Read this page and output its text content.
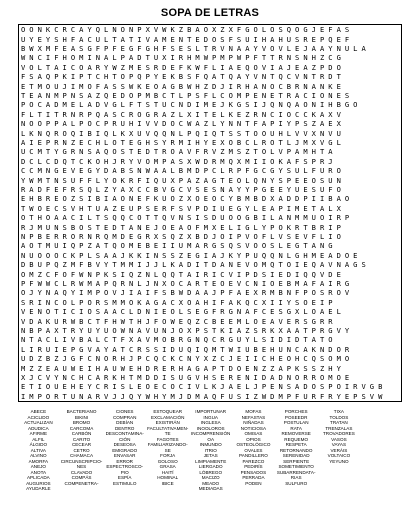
SOPA DE LETRAS
O O N K C R C A Y Q L N O N P X V W K Z B A O X Z X F G O L O S Q O G J E F A S
U Y E Y S H F A C U L T A T I V A M E N T E D O S F S U I H A H U S R E P Q E F
B W X M F E A S G F P F E G F G H F S E S L T R V N A A Y V O V L E J A A Y N U L A
W N C I F H O M I N A L P A D T U X I R H M W P M P W P F T T R N S N H Z C G
V O L T A I C O A R Y W Z M E S R D E F K W F L I A E Q O V I A J E A Z P D O
F S A Q P K I P T C H T O P Q P Y E K B S F Q A T Q A Y V N T Q C V N T R D T
E T M O U J I M O F A S S W K E O A G B W H Z D J I R H A N O C B R N A N K E
T E A N M P N S A Z Q E D O P M B C T L P S F L C O M P E N E T R A C I O N E S
P O C A D M E L A D V G L F T S T U C N D I M E J K G S I J Q N Q A O N I H B G O
F L T I T R N R P Q A S C R O G R A Z L X I T E L K E Z R N C I O C C K A X V
N O O P P A L P O C P R U H I V V D O C W A Z L Y N N T F A P I Y P S Z A E X
L K N Q R O Q I B I Q L K X U V Q Q N L P Q I Q T S S T O O U H L V V X N V U
A I E P R N Z E C H L O T E G H S Y R M I H Y E X O B C L R O T L J M X V G L
U C M T Y G R N S A Q O S T E D T R O A V F R V Z M S Z T O L V P A M H T A
D C L C D Q T C K O H J R Y V O M P A S X W D R M Q X M I I O K A F S P R J
C C M N G E V E G Y D A B S N W A A L B M D P C L R P F G C G Y S U L F U R O
Y W M T N S U F F L Y O K R F I Q U X P A Z A G T E O L Q N Y S P E E O S U N
R A D F E F R S Q L Z Y A X C C B V G C V S E S N A Y Y P G E E Y U E S U F O
E H B R E O Z S I B I A O N E F K U O Z X O E O C Y B M B D X A D D P I I B A O
T W O E C S V H T U A Z E U P S E R F S V P D I U E G Y L E A P I M E T A L X
O T H O A A C I L T S Q Q C O T T Q V N S I S D U O O G B I L A N M M U O I R P
R J M U N S B O S T E D T A N E J O E A O F M X E L I G L Y P O K R T B R I P
N P B E R R O R N R Q M D E G R X S Q Z X B D J O I P V O F L V S E V F L I O
A O T M U I Q P Z A T Q O M E B E I I U M A R G S Q S V O O S L E G T A N G
N U O O O C K P L S A A J K K I N S S Z E G I A J K Y P U Q Q N L G H M E A D O E
D B U P Q Z M F B V Y T M M I J J L K A D I T D A N E V O M Q T O I E Q A V N A G S
O M Z C F O F W N P K S I Q Z N L Q Q T A I R I C V I P D S I E D I Q Q V D E
P F W W C L R W M A P Q R N L J N X O C A R T E O E V C N I O E B M A F A I R G
O J Y N A Q Y I M P O V J I A I F S B W D A A J P F A E X R M B N F P O S R O V
S R I N C O L P O R S M M O K A G A C X O A H I F A K Q C X I I Y S O E I P
V E N O T I C I O S A A C L D N I E O L S E G F R G N A F C E S G X L O A E L
V D A K U R W B C T F H W T H J F O W E Q Z C B E E M L O E A V E R S G R R
N B P A X T R Y U Y U O W N A V U N J O X P S T K I A Z S R K X A A T P R G V Y
N T A C L I V B A L C T F X A V M O B R G N Q C R G U Y L S I D I D T A T O
L I R U I E P G V A Y A T C R S S I D U Q I Q M T W I U B E H U N C A K N D O R
U D Z B Z J G F C N O R H J P C Q C K C N Y X Z C J E I I C H E O H C Q S O M O
M Z Z E A U W E I H A U W E H D R E R H A G A P T D O E N Z Z A P K S S Z H Y
X J C V Y N C H C A R K H T M D D I S U G V H S E R E N I D A D N O R R O M O E
E T I O U E H E Y C R I S L E O E C O C I V L K J A E L J P E N S A D O S P O I R V G B
I M P O R T U N A R V J J Q Y W H Y M J D M A Q F U S I Z W D M P F U R F R Y E P S V W
ABECE
ACICLIDO
ACTUALIZAN
ADUDICA
AFIRME
ALFIL
ÁLGIDO
ALTIVA
ALVINO
AMORFA
ANEJO
ANOTA
APLICADA
AUGURIOS
AYUDARLE
BACTERIANO
BIKINI
BROMO
CARCOMA
CARBÓN
CARITO
CECEAR
CETRO
CHAMACA
CIRCUNSCRIPCIO-
NES
CLAVADO
COMPÁS
COMPENETRA-
CIONES
COMPRAN
DEBÍAN
DENTRO
DESCONTAMINA-
CIÓN
DESEOSA
EMIGRADO
ENVASAR
ERROR
ESPECTROSCO-
PIO
ESPÍA
ESTIMULO
ESTOQUEAR
EXCLAMACIÓN
EXISTIRÁN
FACULTATIVAMEN-
TE
FAGOTES
FAMILIARIZANDO-
SE
FORJA
GOLOSO
GRASA
HAITÍ
HOMINAL
IBICE
IMPORTUNAR
INGUA
INGLESA
INOOLOROS
INCOMPRENSIÓN
OA
INMUNDO
ITRIO
JETAS
LIMPIAMENTE
LIERGADO
LÓBREGO
MACIZO
MEADO
MEDIADAS
MOFAS
NEFASTAS
NIÑADAS
NOTICIOSA
OMISAS
OPIOS
OSTEOLÓGICO
OVALES
PANDILLERO
PAREZCO
PEDIRÍS
PENSADOS
PERRADA
PODEN
PORCHES
POSEEDR
POSTULAN
RATA
REMOVERSE
REQUEMO
RESPETA
RETORNANDO
SERENIDAD
SERPIENTE
SOMETIMIENTO
SUBARRENDATA-
RIAS
SULFURO
TIXA
TOLDOS
TRATAN
TRENZALAS
TROVADORES
VASOS
VAYAS
VERÁIS
VOLTAICO
YEYUNO
